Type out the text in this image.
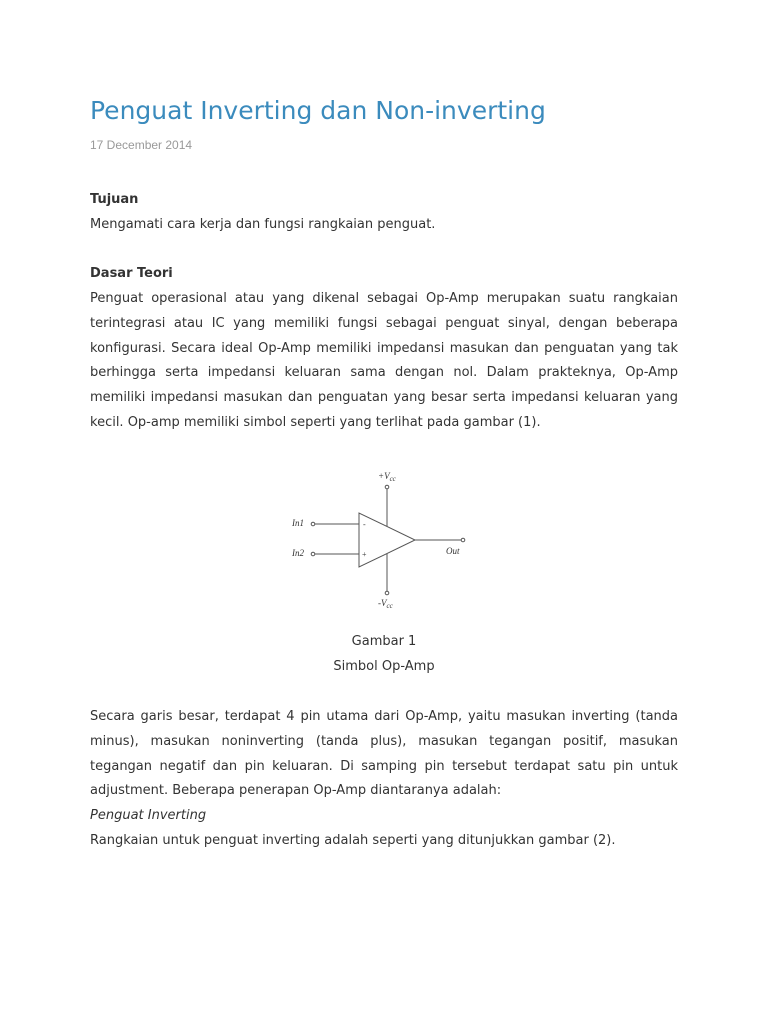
Penguat Inverting dan Non-inverting
17 December 2014
Tujuan

Mengamati cara kerja dan fungsi rangkaian penguat.

Dasar Teori

Penguat operasional atau yang dikenal sebagai Op-Amp merupakan suatu rangkaian terintegrasi atau IC yang memiliki fungsi sebagai penguat sinyal, dengan beberapa konfigurasi. Secara ideal Op-Amp memiliki impedansi masukan dan penguatan yang tak berhingga serta impedansi keluaran sama dengan nol. Dalam prakteknya, Op-Amp memiliki impedansi masukan dan penguatan yang besar serta impedansi keluaran yang kecil. Op-amp memiliki simbol seperti yang terlihat pada gambar (1).

In1
In2	Out
$+V_{cc}$
$-V_{cc}$
-
+
Gambar 1
Simbol Op-Amp

Secara garis besar, terdapat 4 pin utama dari Op-Amp, yaitu masukan inverting (tanda minus), masukan noninverting (tanda plus), masukan tegangan positif, masukan tegangan negatif dan pin keluaran. Di samping pin tersebut terdapat satu pin untuk adjustment. Beberapa penerapan Op-Amp diantaranya adalah:

Penguat Inverting

Rangkaian untuk penguat inverting adalah seperti yang ditunjukkan gambar (2).
